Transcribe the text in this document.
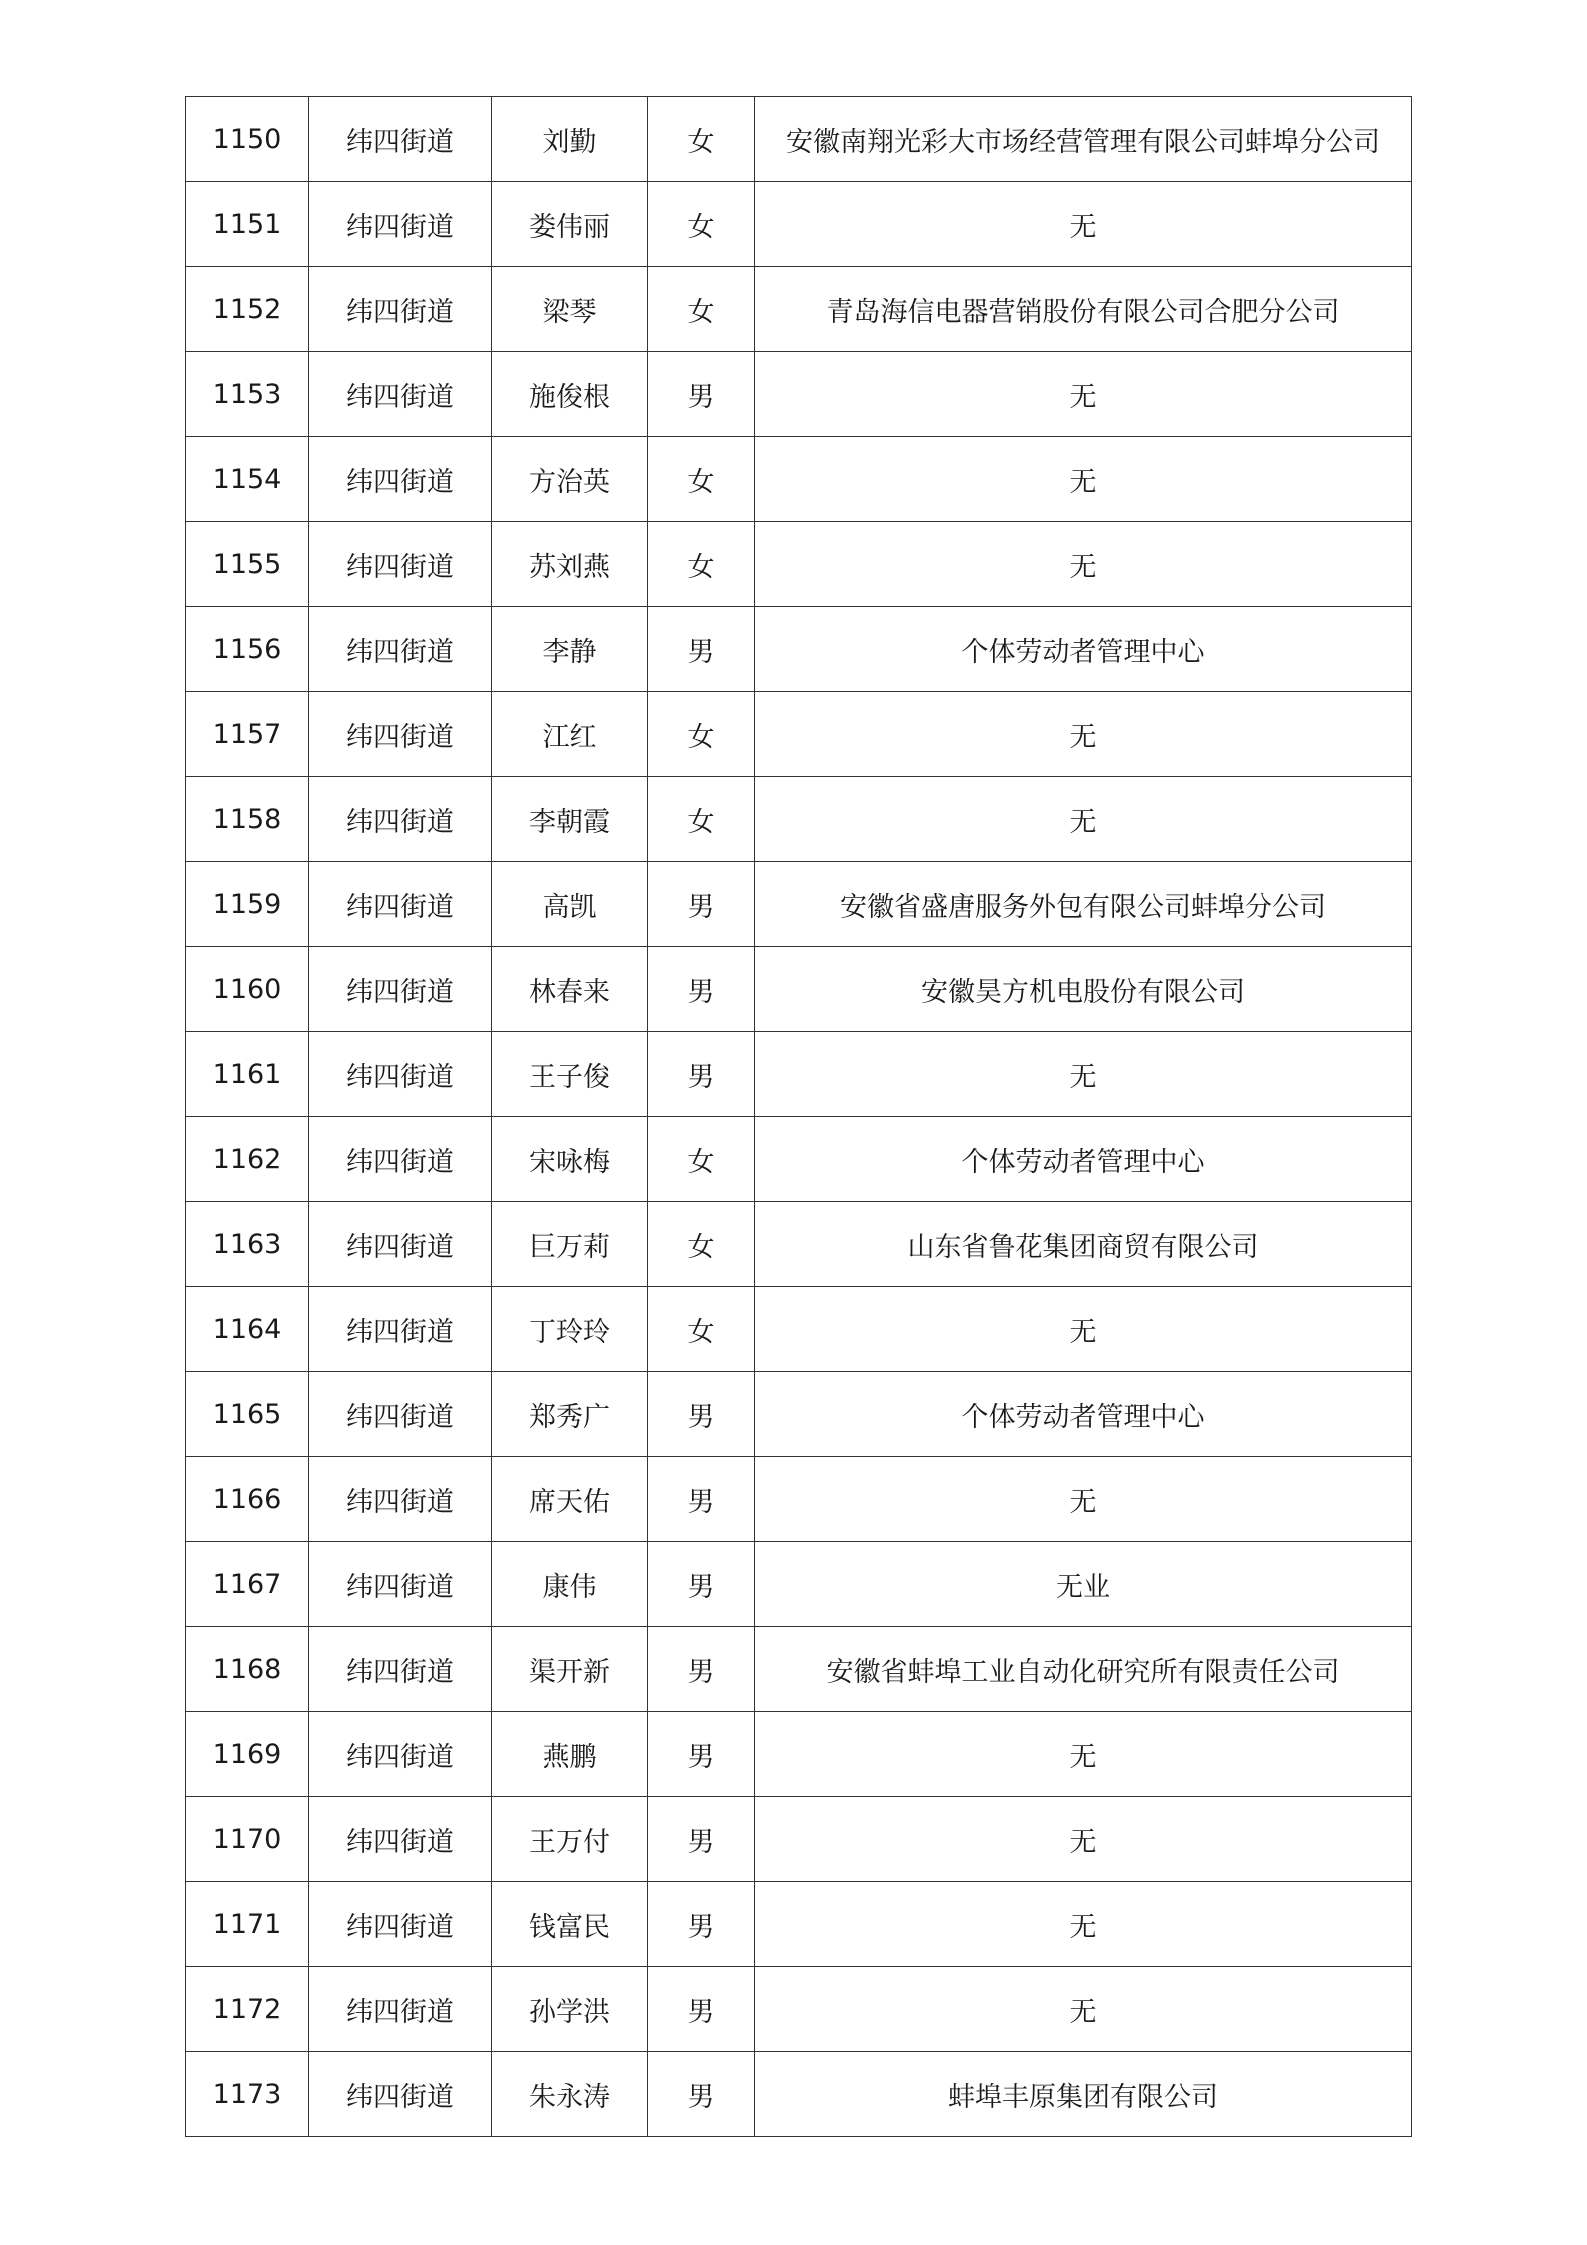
1150	纬四街道	刘勤	女	安徽南翔光彩大市场经营管理有限公司蚌埠分公司
1151	纬四街道	娄伟丽	女	无
1152	纬四街道	梁琴	女	青岛海信电器营销股份有限公司合肥分公司
1153	纬四街道	施俊根	男	无
1154	纬四街道	方治英	女	无
1155	纬四街道	苏刘燕	女	无
1156	纬四街道	李静	男	个体劳动者管理中心
1157	纬四街道	江红	女	无
1158	纬四街道	李朝霞	女	无
1159	纬四街道	高凯	男	安徽省盛唐服务外包有限公司蚌埠分公司
1160	纬四街道	林春来	男	安徽昊方机电股份有限公司
1161	纬四街道	王子俊	男	无
1162	纬四街道	宋咏梅	女	个体劳动者管理中心
1163	纬四街道	巨万莉	女	山东省鲁花集团商贸有限公司
1164	纬四街道	丁玲玲	女	无
1165	纬四街道	郑秀广	男	个体劳动者管理中心
1166	纬四街道	席天佑	男	无
1167	纬四街道	康伟	男	无业
1168	纬四街道	渠开新	男	安徽省蚌埠工业自动化研究所有限责任公司
1169	纬四街道	燕鹏	男	无
1170	纬四街道	王万付	男	无
1171	纬四街道	钱富民	男	无
1172	纬四街道	孙学洪	男	无
1173	纬四街道	朱永涛	男	蚌埠丰原集团有限公司
